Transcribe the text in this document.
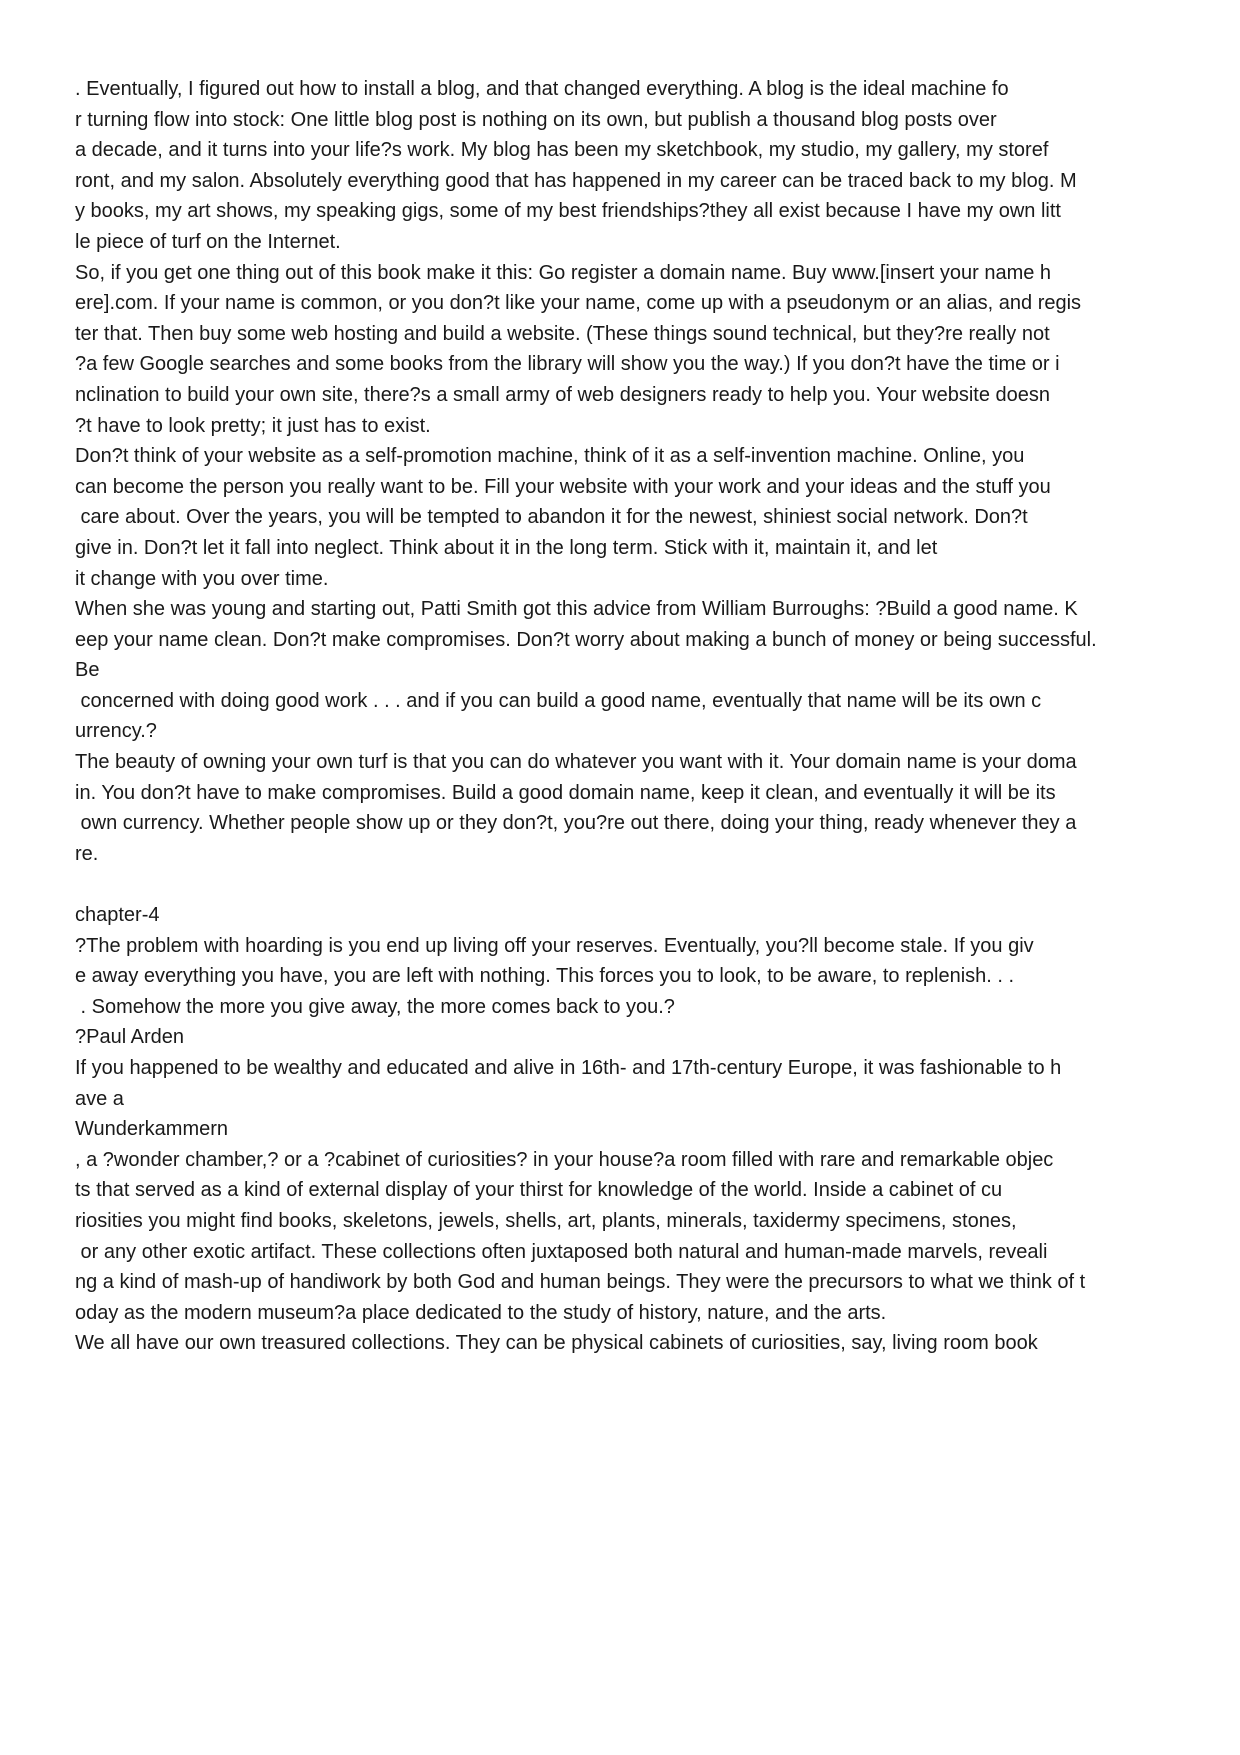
. Eventually, I figured out how to install a blog, and that changed everything. A blog is the ideal machine fo
r turning flow into stock: One little blog post is nothing on its own, but publish a thousand blog posts over
a decade, and it turns into your life?s work. My blog has been my sketchbook, my studio, my gallery, my storef
ront, and my salon. Absolutely everything good that has happened in my career can be traced back to my blog. M
y books, my art shows, my speaking gigs, some of my best friendships?they all exist because I have my own litt
le piece of turf on the Internet.
So, if you get one thing out of this book make it this: Go register a domain name. Buy www.[insert your name h
ere].com. If your name is common, or you don?t like your name, come up with a pseudonym or an alias, and regis
ter that. Then buy some web hosting and build a website. (These things sound technical, but they?re really not
?a few Google searches and some books from the library will show you the way.) If you don?t have the time or i
nclination to build your own site, there?s a small army of web designers ready to help you. Your website doesn
?t have to look pretty; it just has to exist.
Don?t think of your website as a self-promotion machine, think of it as a self-invention machine. Online, you
can become the person you really want to be. Fill your website with your work and your ideas and the stuff you
care about. Over the years, you will be tempted to abandon it for the newest, shiniest social network. Don?t
give in. Don?t let it fall into neglect. Think about it in the long term. Stick with it, maintain it, and let
it change with you over time.
When she was young and starting out, Patti Smith got this advice from William Burroughs: ?Build a good name. K
eep your name clean. Don?t make compromises. Don?t worry about making a bunch of money or being successful.
Be
concerned with doing good work . . . and if you can build a good name, eventually that name will be its own c
urrency.?
The beauty of owning your own turf is that you can do whatever you want with it. Your domain name is your doma
in. You don?t have to make compromises. Build a good domain name, keep it clean, and eventually it will be its
own currency. Whether people show up or they don?t, you?re out there, doing your thing, ready whenever they a
re.
chapter-4
?The problem with hoarding is you end up living off your reserves. Eventually, you?ll become stale. If you giv
e away everything you have, you are left with nothing. This forces you to look, to be aware, to replenish. . .
. Somehow the more you give away, the more comes back to you.?
?Paul Arden
If you happened to be wealthy and educated and alive in 16th- and 17th-century Europe, it was fashionable to h
ave a
Wunderkammern
, a ?wonder chamber,? or a ?cabinet of curiosities? in your house?a room filled with rare and remarkable objec
ts that served as a kind of external display of your thirst for knowledge of the world. Inside a cabinet of cu
riosities you might find books, skeletons, jewels, shells, art, plants, minerals, taxidermy specimens, stones,
or any other exotic artifact. These collections often juxtaposed both natural and human-made marvels, reveali
ng a kind of mash-up of handiwork by both God and human beings. They were the precursors to what we think of t
oday as the modern museum?a place dedicated to the study of history, nature, and the arts.
We all have our own treasured collections. They can be physical cabinets of curiosities, say, living room book
